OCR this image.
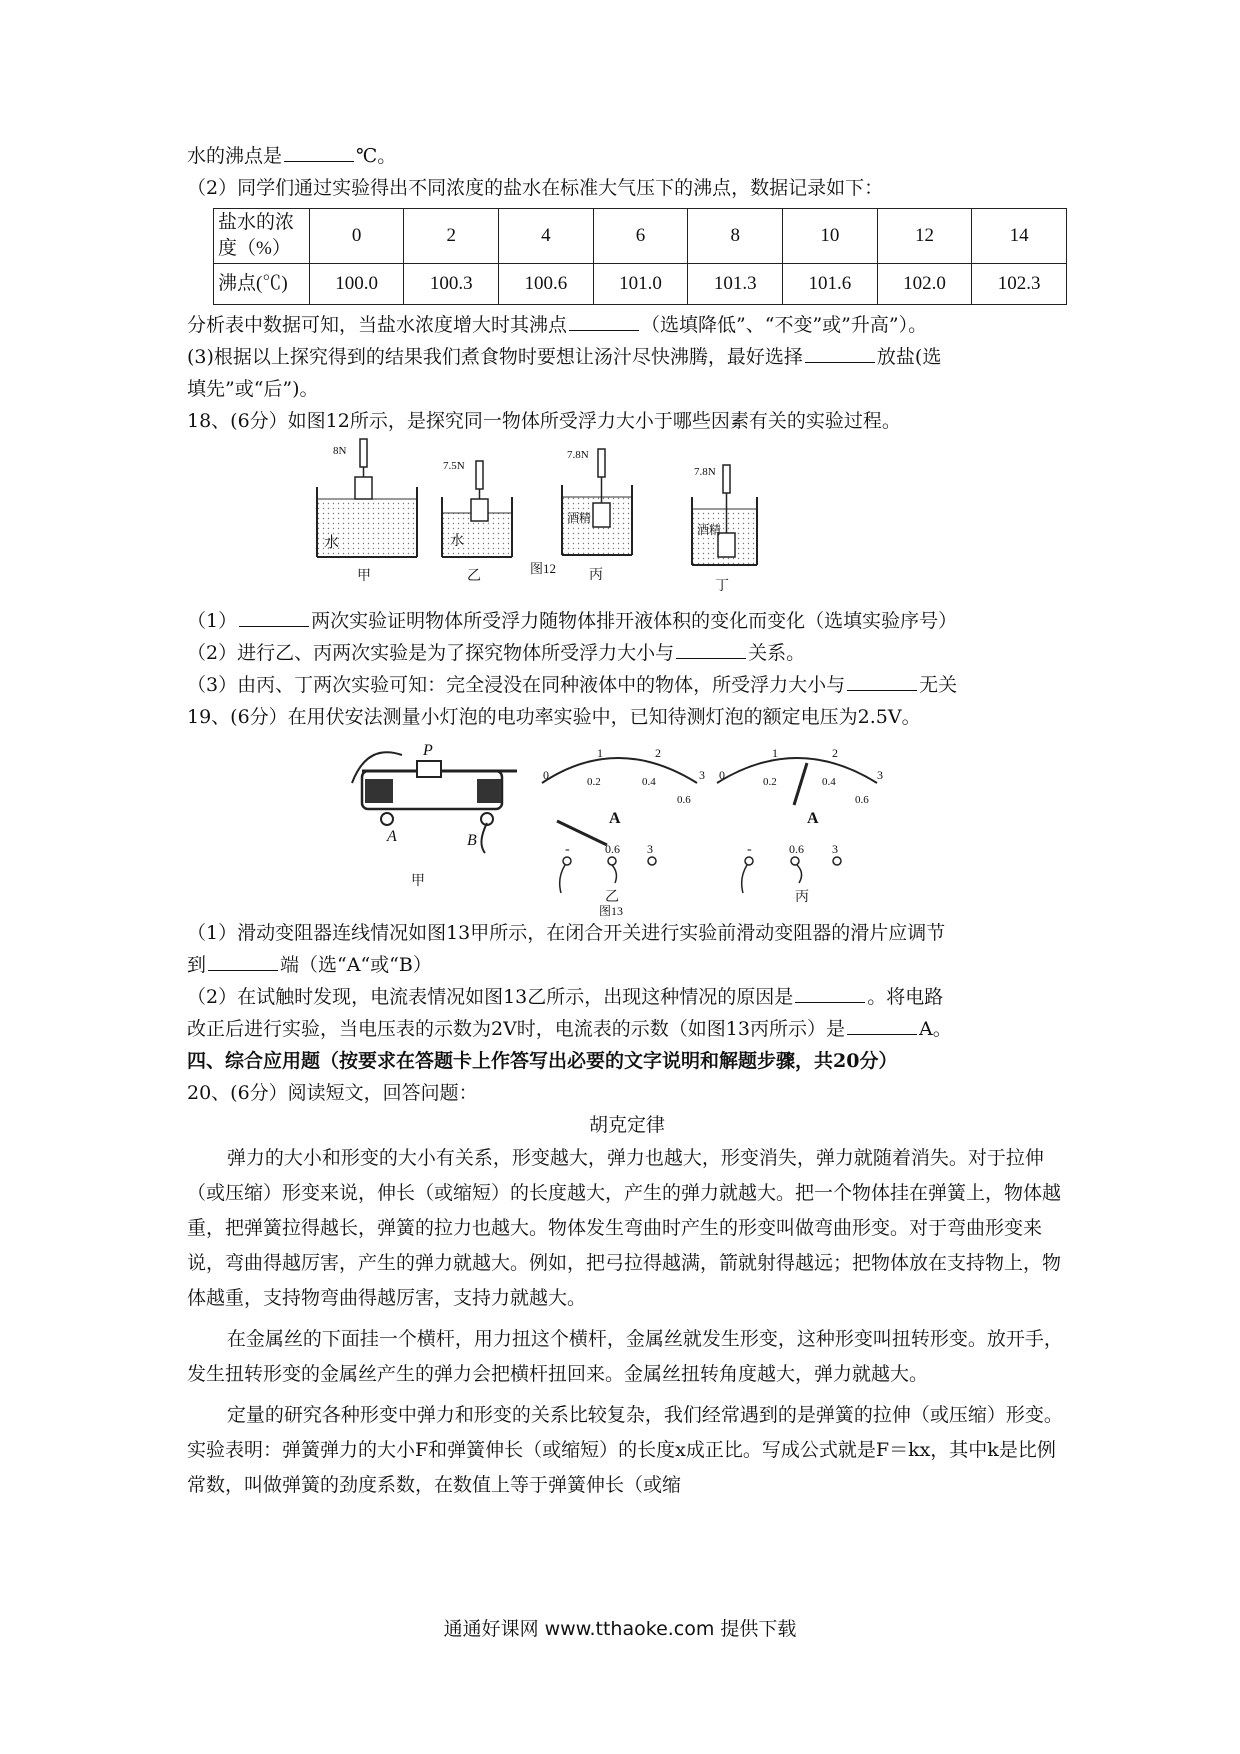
水的沸点是	℃。
（2）同学们通过实验得出不同浓度的盐水在标准大气压下的沸点，数据记录如下：
盐水的浓度（%）	0	2	4	6	8	10	12	14
沸点(℃)	100.0	100.3	100.6	101.0	101.3	101.6	102.0	102.3
分析表中数据可知，当盐水浓度增大时其沸点	（选填降低”、“不变”或”升高”）。
(3)根据以上探究得到的结果我们煮食物时要想让汤汁尽快沸腾，最好选择	放盐(选
填先”或“后”)。
18、(6分）如图12所示，是探究同一物体所受浮力大小于哪些因素有关的实验过程。
8N
水
甲
7.5N
水
乙
7.8N
酒精
丙
7.8N
酒精
丁
图12
（1）	两次实验证明物体所受浮力随物体排开液体积的变化而变化（选填实验序号）
（2）进行乙、丙两次实验是为了探究物体所受浮力大小与	关系。
（3）由丙、丁两次实验可知：完全浸没在同种液体中的物体，所受浮力大小与	无关
19、(6分）在用伏安法测量小灯泡的电功率实验中，已知待测灯泡的额定电压为2.5V。
P
A	B
甲
A
0
1	2
3
0.2	0.4
0.6
-	0.6 3
乙
A
0
1	2
3
0.2	0.4
0.6
-	0.6 3
丙
图13
（1）滑动变阻器连线情况如图13甲所示，在闭合开关进行实验前滑动变阻器的滑片应调节
到	端（选“A“或“B）
（2）在试触时发现，电流表情况如图13乙所示，出现这种情况的原因是	。将电路
改正后进行实验，当电压表的示数为2V时，电流表的示数（如图13丙所示）是	A。
四、综合应用题（按要求在答题卡上作答写出必要的文字说明和解题步骤，共20分）
20、(6分）阅读短文，回答问题：
胡克定律
弹力的大小和形变的大小有关系，形变越大，弹力也越大，形变消失，弹力就随着消失。对于拉伸（或压缩）形变来说，伸长（或缩短）的长度越大，产生的弹力就越大。把一个物体挂在弹簧上，物体越重，把弹簧拉得越长，弹簧的拉力也越大。物体发生弯曲时产生的形变叫做弯曲形变。对于弯曲形变来说，弯曲得越厉害，产生的弹力就越大。例如，把弓拉得越满，箭就射得越远；把物体放在支持物上，物体越重，支持物弯曲得越厉害，支持力就越大。
在金属丝的下面挂一个横杆，用力扭这个横杆，金属丝就发生形变，这种形变叫扭转形变。放开手，发生扭转形变的金属丝产生的弹力会把横杆扭回来。金属丝扭转角度越大，弹力就越大。
定量的研究各种形变中弹力和形变的关系比较复杂，我们经常遇到的是弹簧的拉伸（或压缩）形变。实验表明：弹簧弹力的大小F和弹簧伸长（或缩短）的长度x成正比。写成公式就是F＝kx，其中k是比例常数，叫做弹簧的劲度系数，在数值上等于弹簧伸长（或缩
通通好课网 www.tthaoke.com 提供下载
